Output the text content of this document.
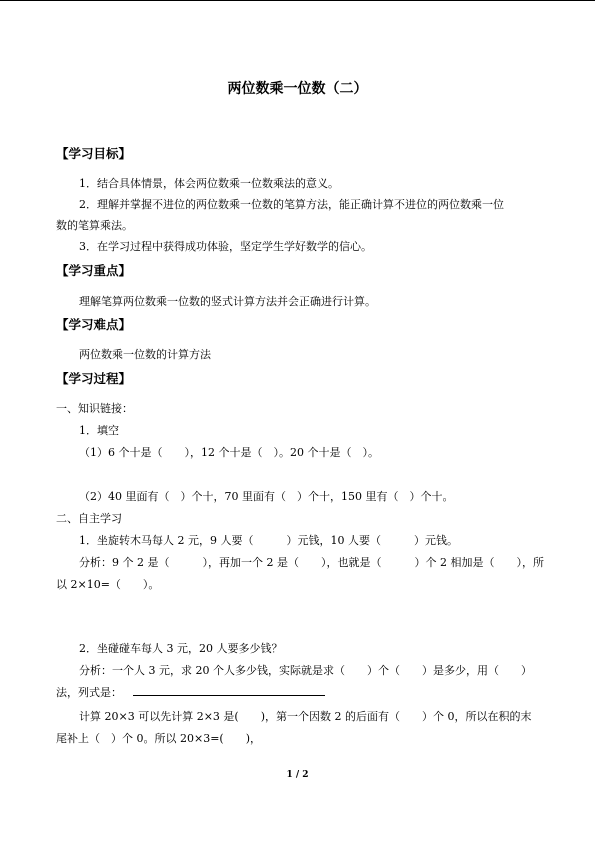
两位数乘一位数（二）
【学习目标】
1．结合具体情景，体会两位数乘一位数乘法的意义。
2．理解并掌握不进位的两位数乘一位数的笔算方法，能正确计算不进位的两位数乘一位
数的笔算乘法。
3．在学习过程中获得成功体验，坚定学生学好数学的信心。
【学习重点】
理解笔算两位数乘一位数的竖式计算方法并会正确进行计算。
【学习难点】
两位数乘一位数的计算方法
【学习过程】
一、知识链接：
1．填空
（1）6 个十是（　　），12 个十是（　）。20 个十是（　）。
（2）40 里面有（　）个十，70 里面有（　）个十，150 里有（　）个十。
二、自主学习
1．坐旋转木马每人 2 元，9 人要（　　　）元钱，10 人要（　　　）元钱。
分析：9 个 2 是（　　　），再加一个 2 是（　　），也就是（　　　）个 2 相加是（　　），所
以 2×10=（　　）。
2．坐碰碰车每人 3 元，20 人要多少钱？
分析：一个人 3 元，求 20 个人多少钱，实际就是求（　　）个（　　）是多少，用（　　）
法，列式是：
计算 20×3 可以先计算 2×3 是(　　)，第一个因数 2 的后面有（　　）个 0，所以在积的末
尾补上（　）个 0。所以 20×3=(　　)，
1 / 2
